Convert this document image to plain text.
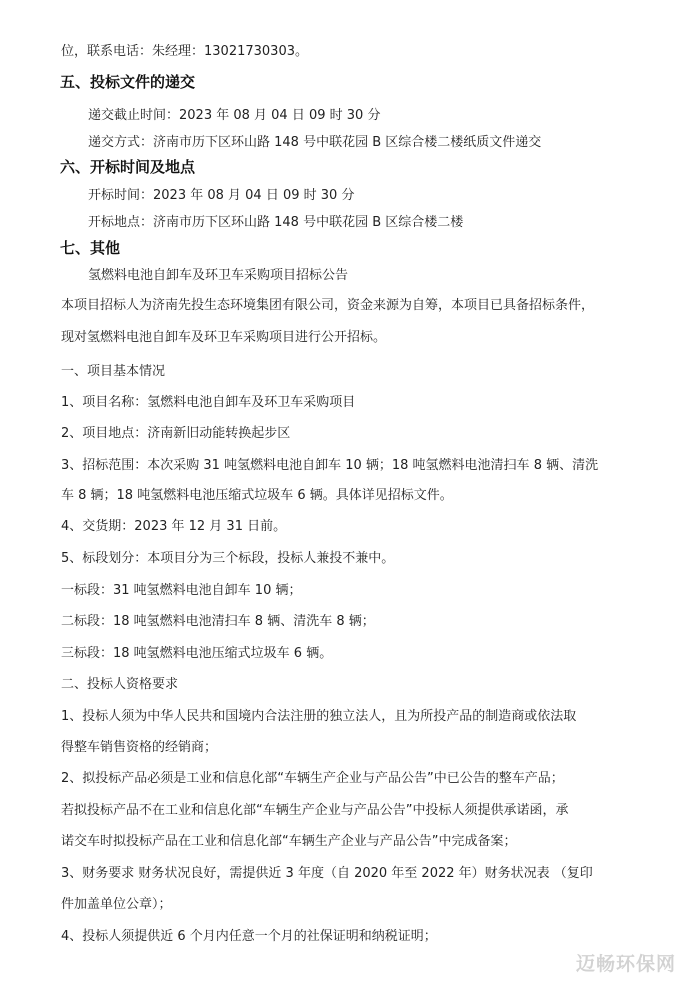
位，联系电话：朱经理：13021730303。
五、投标文件的递交
递交截止时间：2023 年 08 月 04 日 09 时 30 分
递交方式：济南市历下区环山路 148 号中联花园 B 区综合楼二楼纸质文件递交
六、开标时间及地点
开标时间：2023 年 08 月 04 日 09 时 30 分
开标地点：济南市历下区环山路 148 号中联花园 B 区综合楼二楼
七、其他
氢燃料电池自卸车及环卫车采购项目招标公告
本项目招标人为济南先投生态环境集团有限公司，资金来源为自筹，本项目已具备招标条件，
现对氢燃料电池自卸车及环卫车采购项目进行公开招标。
一、项目基本情况
1、项目名称：氢燃料电池自卸车及环卫车采购项目
2、项目地点：济南新旧动能转换起步区
3、招标范围：本次采购 31 吨氢燃料电池自卸车 10 辆；18 吨氢燃料电池清扫车 8 辆、清洗
车 8 辆；18 吨氢燃料电池压缩式垃圾车 6 辆。具体详见招标文件。
4、交货期：2023 年 12 月 31 日前。
5、标段划分：本项目分为三个标段，投标人兼投不兼中。
一标段：31 吨氢燃料电池自卸车 10 辆；
二标段：18 吨氢燃料电池清扫车 8 辆、清洗车 8 辆；
三标段：18 吨氢燃料电池压缩式垃圾车 6 辆。
二、投标人资格要求
1、投标人须为中华人民共和国境内合法注册的独立法人，且为所投产品的制造商或依法取
得整车销售资格的经销商；
2、拟投标产品必须是工业和信息化部“车辆生产企业与产品公告”中已公告的整车产品；
若拟投标产品不在工业和信息化部“车辆生产企业与产品公告”中投标人须提供承诺函，承
诺交车时拟投标产品在工业和信息化部“车辆生产企业与产品公告”中完成备案；
3、财务要求 财务状况良好，需提供近 3 年度（自 2020 年至 2022 年）财务状况表 （复印
件加盖单位公章）；
4、投标人须提供近 6 个月内任意一个月的社保证明和纳税证明；
迈畅环保网
